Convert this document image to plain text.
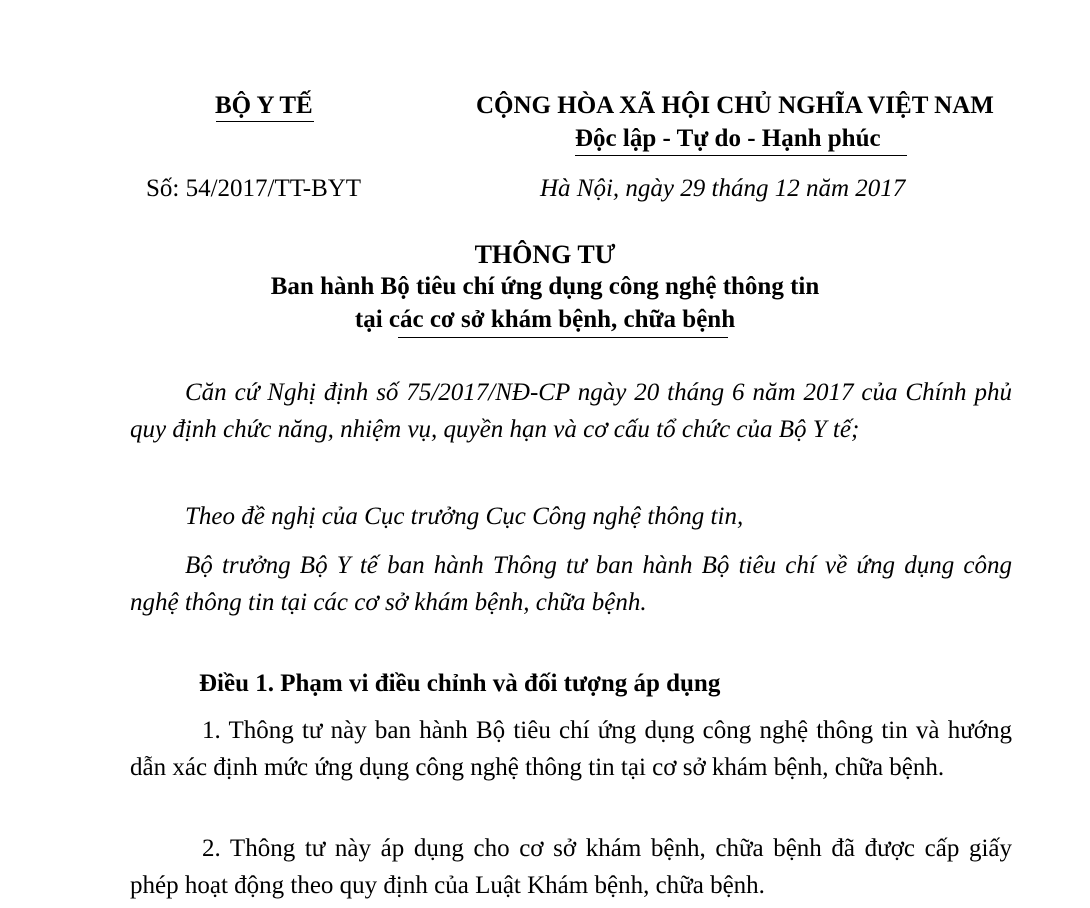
BỘ Y TẾ	CỘNG HÒA XÃ HỘI CHỦ NGHĨA VIỆT NAM
Độc lập - Tự do - Hạnh phúc
Số: 54/2017/TT-BYT	Hà Nội, ngày 29 tháng 12 năm 2017
THÔNG TƯ
Ban hành Bộ tiêu chí ứng dụng công nghệ thông tin
tại các cơ sở khám bệnh, chữa bệnh
Căn cứ Nghị định số 75/2017/NĐ-CP ngày 20 tháng 6 năm 2017 của Chính phủ quy định chức năng, nhiệm vụ, quyền hạn và cơ cấu tổ chức của Bộ Y tế;
Theo đề nghị của Cục trưởng Cục Công nghệ thông tin,
Bộ trưởng Bộ Y tế ban hành Thông tư ban hành Bộ tiêu chí về ứng dụng công nghệ thông tin tại các cơ sở khám bệnh, chữa bệnh.
Điều 1. Phạm vi điều chỉnh và đối tượng áp dụng
1. Thông tư này ban hành Bộ tiêu chí ứng dụng công nghệ thông tin và hướng dẫn xác định mức ứng dụng công nghệ thông tin tại cơ sở khám bệnh, chữa bệnh.
2. Thông tư này áp dụng cho cơ sở khám bệnh, chữa bệnh đã được cấp giấy phép hoạt động theo quy định của Luật Khám bệnh, chữa bệnh.
